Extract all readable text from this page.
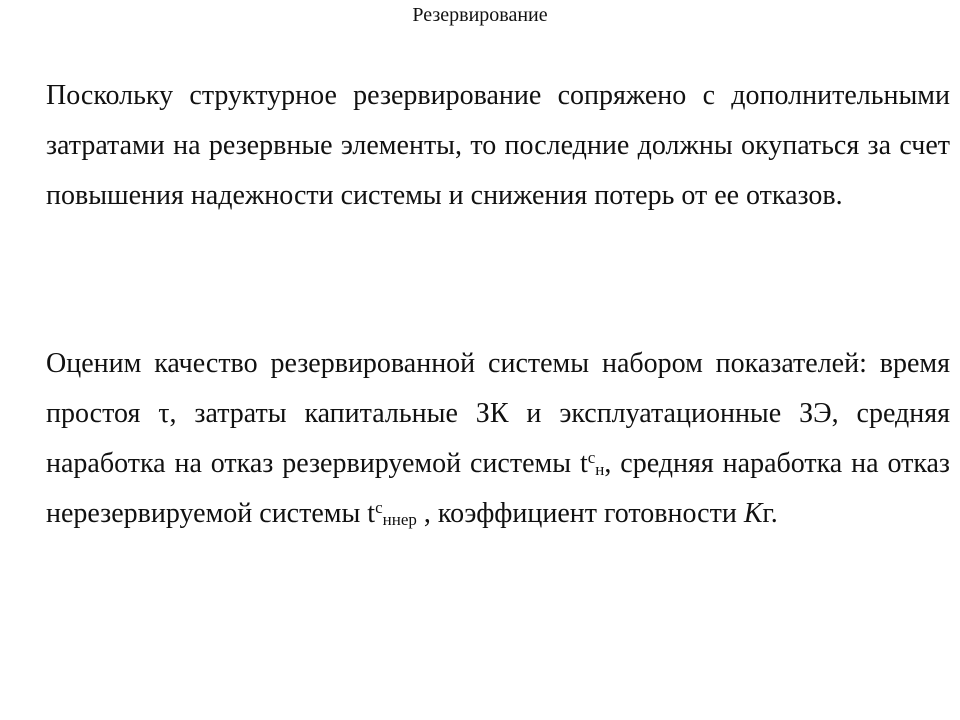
Резервирование

Поскольку структурное резервирование сопряжено с дополнительными затратами на резервные элементы, то последние должны окупаться за счет повышения надежности системы и снижения потерь от ее отказов.

Оценим качество резервированной системы набором показателей: время простоя τ, затраты капитальные ЗК и эксплуатационные ЗЭ, средняя наработка на отказ резервируемой системы $t^c_н$, средняя наработка на отказ нерезервируемой системы $t^c_{ннер}$ , коэффициент готовности Кг.
